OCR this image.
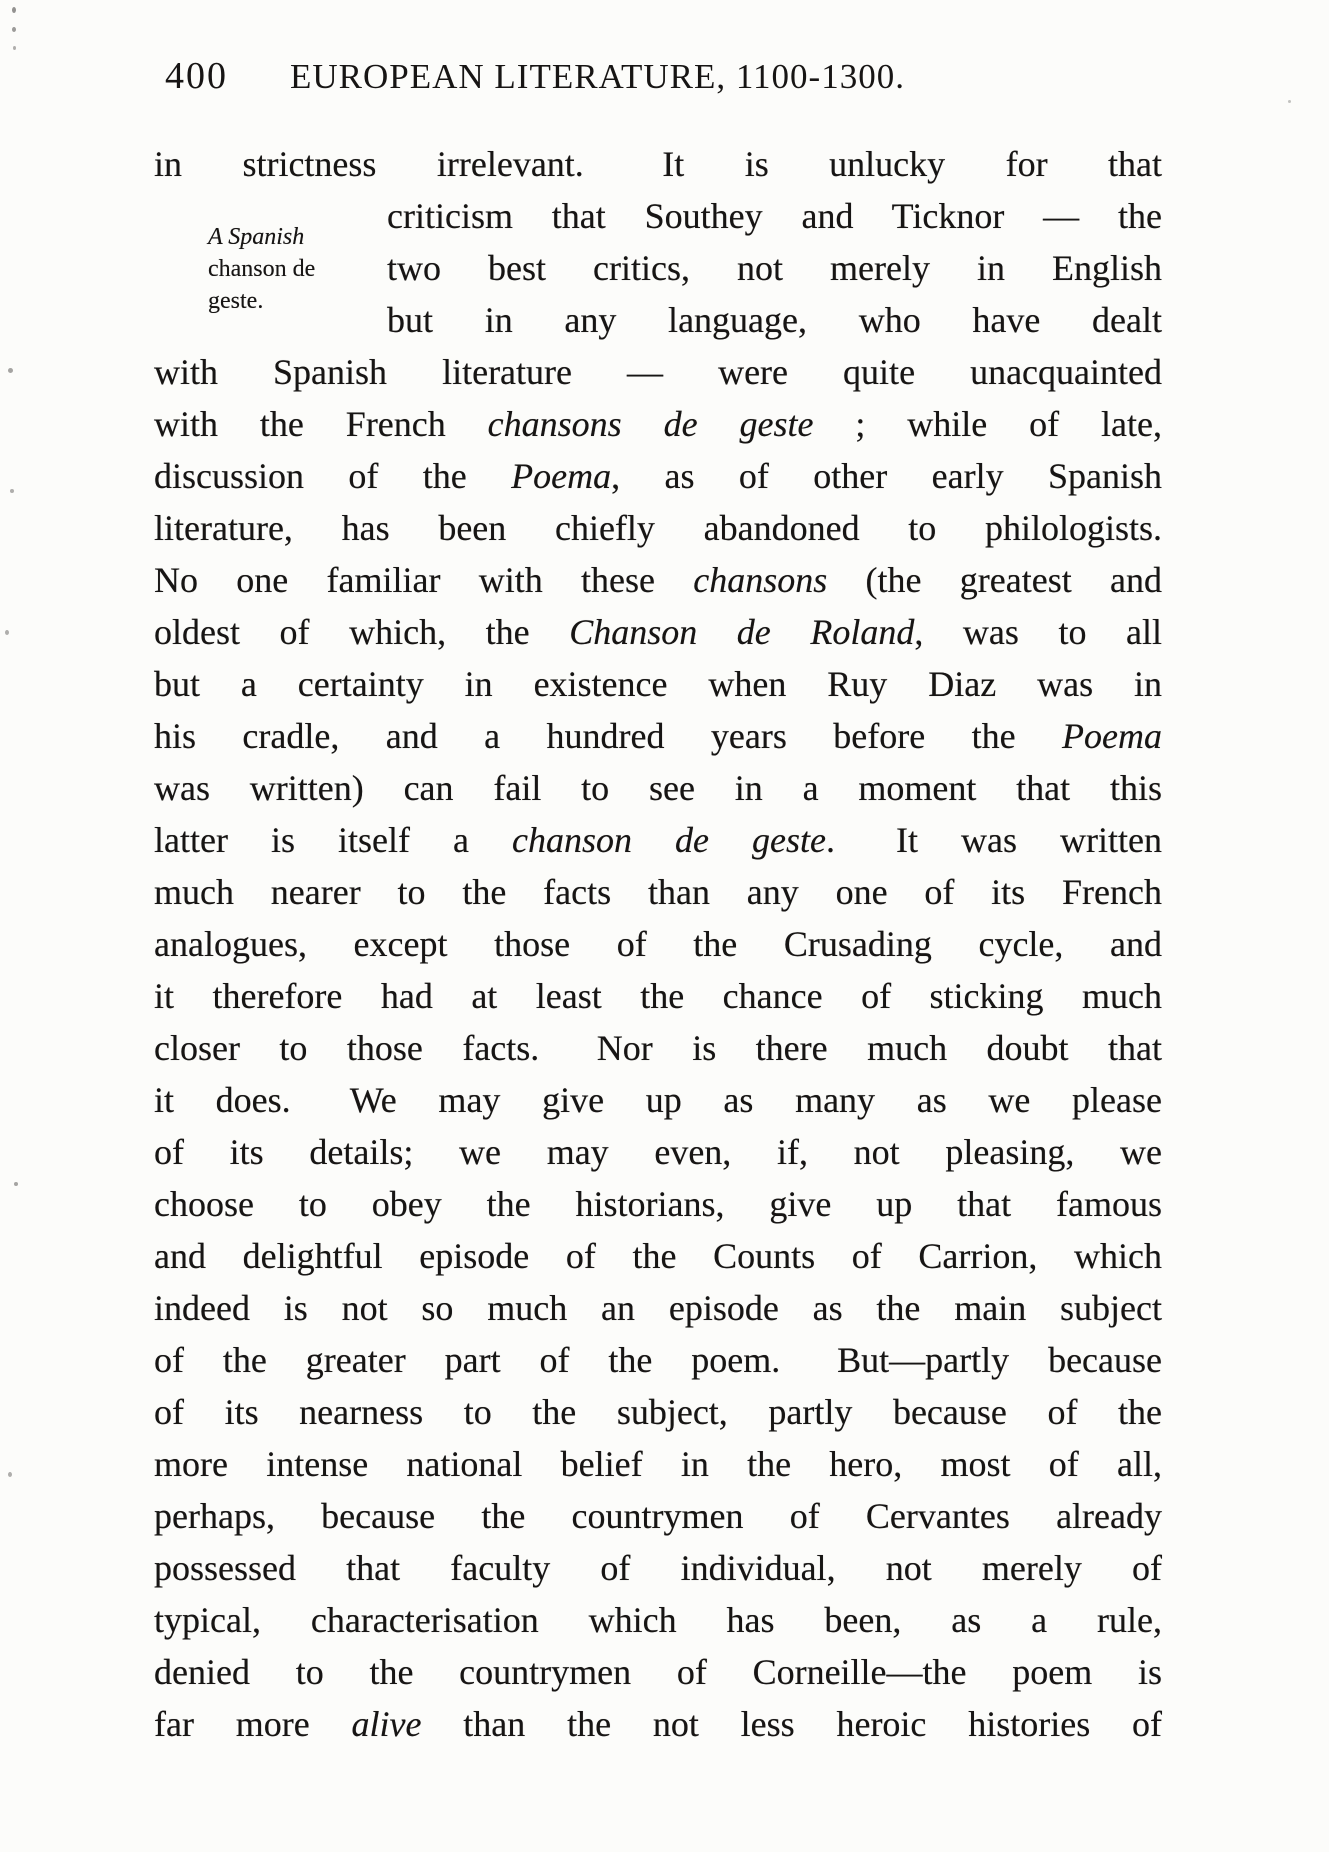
400 EUROPEAN LITERATURE, 1100-1300.
A Spanish
chanson de
geste.
in strictness irrelevant.  It is unlucky for that
criticism that Southey and Ticknor — the
two best critics, not merely in English
but in any language, who have dealt
with Spanish literature — were quite unacquainted
with the French chansons de geste ; while of late,
discussion of the Poema, as of other early Spanish
literature, has been chiefly abandoned to philologists.
No one familiar with these chansons (the greatest and
oldest of which, the Chanson de Roland, was to all
but a certainty in existence when Ruy Diaz was in
his cradle, and a hundred years before the Poema
was written) can fail to see in a moment that this
latter is itself a chanson de geste.  It was written
much nearer to the facts than any one of its French
analogues, except those of the Crusading cycle, and
it therefore had at least the chance of sticking much
closer to those facts.  Nor is there much doubt that
it does.  We may give up as many as we please
of its details; we may even, if, not pleasing, we
choose to obey the historians, give up that famous
and delightful episode of the Counts of Carrion, which
indeed is not so much an episode as the main subject
of the greater part of the poem.  But—partly because
of its nearness to the subject, partly because of the
more intense national belief in the hero, most of all,
perhaps, because the countrymen of Cervantes already
possessed that faculty of individual, not merely of
typical, characterisation which has been, as a rule,
denied to the countrymen of Corneille—the poem is
far more alive than the not less heroic histories of
